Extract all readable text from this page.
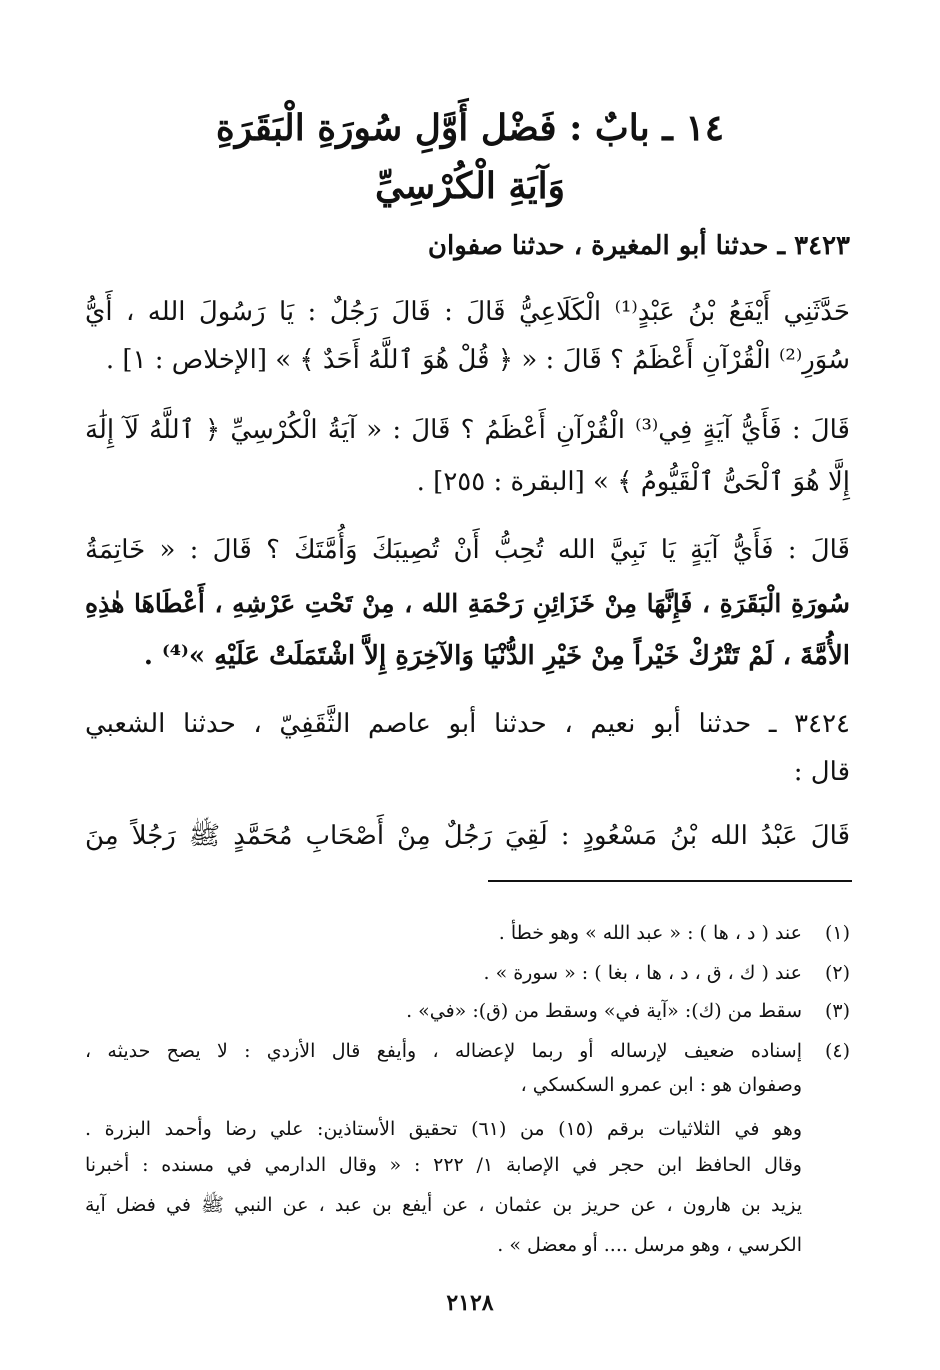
١٤ ـ بابٌ : فَضْل أَوَّلِ سُورَةِ الْبَقَرَةِ
وَآيَةِ الْكُرْسِيِّ
٣٤٢٣ ـ حدثنا أبو المغيرة ، حدثنا صفوان
حَدَّثَنِي أَيْفَعُ بْنُ عَبْدٍ⁽¹⁾ الْكَلَاعِيُّ قَالَ : قَالَ رَجُلٌ : يَا رَسُولَ الله ، أَيُّ
سُوَرِ⁽²⁾ الْقُرْآنِ أَعْظَمُ ؟ قَالَ : « ﴿ قُلْ هُوَ ٱللَّهُ أَحَدٌ ﴾ » [الإخلاص : ١] .
قَالَ : فَأَيُّ آيَةٍ فِي⁽³⁾ الْقُرْآنِ أَعْظَمُ ؟ قَالَ : « آيَةُ الْكُرْسِيِّ ﴿ ٱللَّهُ لَآ إِلَٰهَ
إِلَّا هُوَ ٱلْحَىُّ ٱلْقَيُّومُ ﴾ » [البقرة : ٢٥٥] .
قَالَ : فَأَيُّ آيَةٍ يَا نَبِيَّ الله تُحِبُّ أَنْ تُصِيبَكَ وَأُمَّتَكَ ؟ قَالَ : « خَاتِمَةُ
سُورَةِ الْبَقَرَةِ ، فَإِنَّهَا مِنْ خَزَائِنِ رَحْمَةِ الله ، مِنْ تَحْتِ عَرْشِهِ ، أَعْطَاهَا هٰذِهِ
الأُمَّةَ ، لَمْ تَتْرُكْ خَيْراً مِنْ خَيْرِ الدُّنْيَا وَالآخِرَةِ إِلاَّ اشْتَمَلَتْ عَلَيْهِ »⁽⁴⁾ .
٣٤٢٤ ـ حدثنا أبو نعيم ، حدثنا أبو عاصم الثَّقَفِيّ ، حدثنا الشعبي
قال :
قَالَ عَبْدُ الله بْنُ مَسْعُودٍ : لَقِيَ رَجُلٌ مِنْ أَصْحَابِ مُحَمَّدٍ ﷺ رَجُلاً مِنَ
(١)
عند ( د ، ها ) : « عبد الله » وهو خطأ .
(٢)
عند ( ك ، ق ، د ، ها ، بغا ) : « سورة » .
(٣)
سقط من (ك): «آية في» وسقط من (ق): «في» .
(٤)
إسناده ضعيف لإرساله أو ربما لإعضاله ، وأيفع قال الأزدي : لا يصح حديثه ،
وصفوان هو : ابن عمرو السكسكي ،
وهو في الثلاثيات برقم (١٥) من (٦١) تحقيق الأستاذين: علي رضا وأحمد البزرة .
وقال الحافظ ابن حجر في الإصابة ١/ ٢٢٢ : « وقال الدارمي في مسنده : أخبرنا
يزيد بن هارون ، عن حريز بن عثمان ، عن أيفع بن عبد ، عن النبي ﷺ في فضل آية
الكرسي ، وهو مرسل .... أو معضل » .
٢١٢٨
